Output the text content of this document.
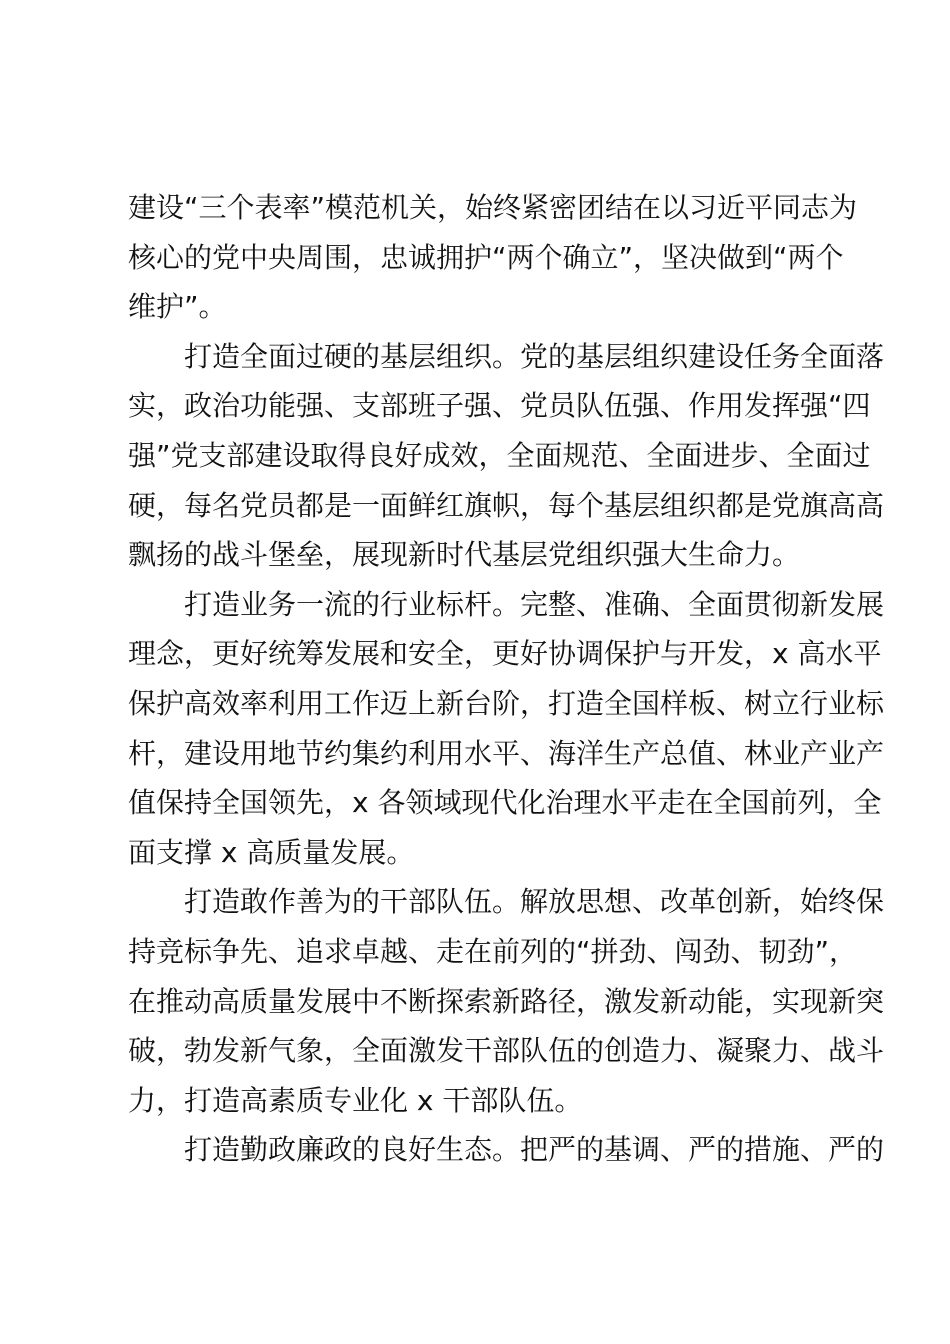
建设“三个表率”模范机关，始终紧密团结在以习近平同志为
核心的党中央周围，忠诚拥护“两个确立”，坚决做到“两个
维护”。
打造全面过硬的基层组织。党的基层组织建设任务全面落
实，政治功能强、支部班子强、党员队伍强、作用发挥强“四
强”党支部建设取得良好成效，全面规范、全面进步、全面过
硬，每名党员都是一面鲜红旗帜，每个基层组织都是党旗高高
飘扬的战斗堡垒，展现新时代基层党组织强大生命力。
打造业务一流的行业标杆。完整、准确、全面贯彻新发展
理念，更好统筹发展和安全，更好协调保护与开发，x 高水平
保护高效率利用工作迈上新台阶，打造全国样板、树立行业标
杆，建设用地节约集约利用水平、海洋生产总值、林业产业产
值保持全国领先，x 各领域现代化治理水平走在全国前列，全
面支撑 x 高质量发展。
打造敢作善为的干部队伍。解放思想、改革创新，始终保
持竞标争先、追求卓越、走在前列的“拼劲、闯劲、韧劲”，
在推动高质量发展中不断探索新路径，激发新动能，实现新突
破，勃发新气象，全面激发干部队伍的创造力、凝聚力、战斗
力，打造高素质专业化 x 干部队伍。
打造勤政廉政的良好生态。把严的基调、严的措施、严的
